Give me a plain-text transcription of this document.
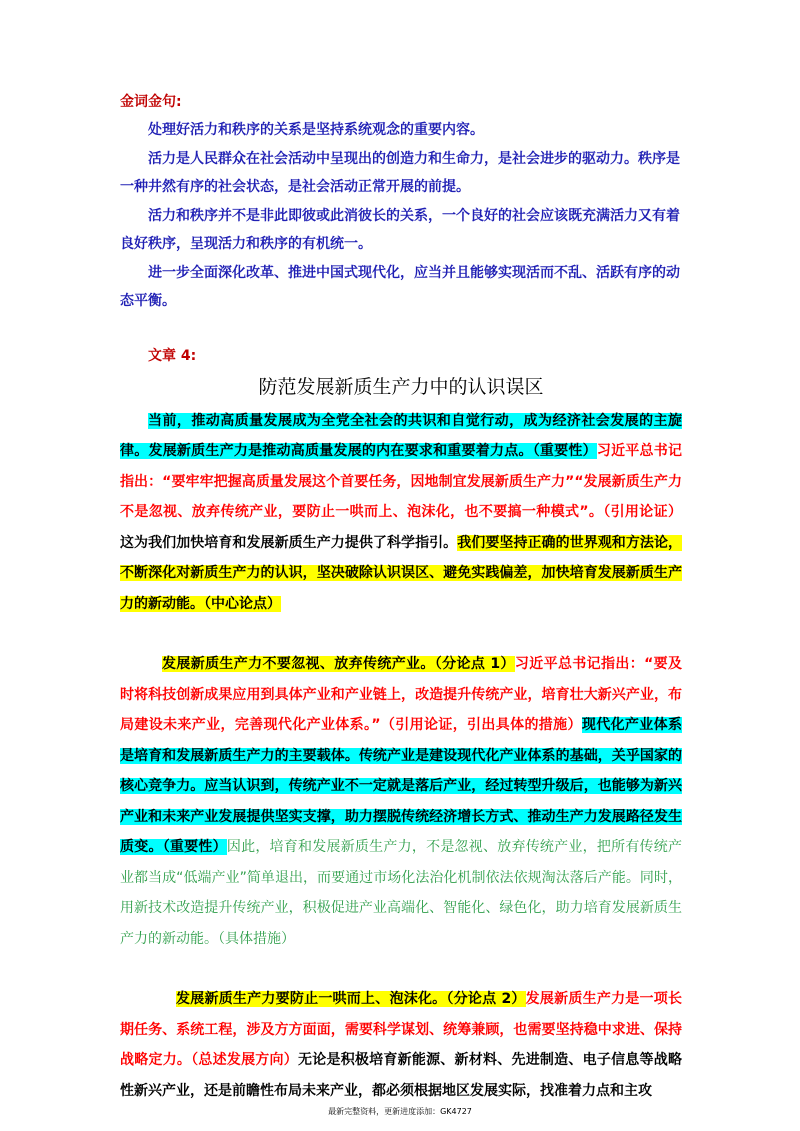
金词金句:

处理好活力和秩序的关系是坚持系统观念的重要内容。

活力是人民群众在社会活动中呈现出的创造力和生命力，是社会进步的驱动力。秩序是一种井然有序的社会状态，是社会活动正常开展的前提。

活力和秩序并不是非此即彼或此消彼长的关系，一个良好的社会应该既充满活力又有着良好秩序，呈现活力和秩序的有机统一。

进一步全面深化改革、推进中国式现代化，应当并且能够实现活而不乱、活跃有序的动态平衡。

文章 4:
防范发展新质生产力中的认识误区

当前，推动高质量发展成为全党全社会的共识和自觉行动，成为经济社会发展的主旋律。发展新质生产力是推动高质量发展的内在要求和重要着力点。（重要性）习近平总书记指出：“要牢牢把握高质量发展这个首要任务，因地制宜发展新质生产力”“发展新质生产力不是忽视、放弃传统产业，要防止一哄而上、泡沫化，也不要搞一种模式”。（引用论证）这为我们加快培育和发展新质生产力提供了科学指引。我们要坚持正确的世界观和方法论，不断深化对新质生产力的认识，坚决破除认识误区、避免实践偏差，加快培育发展新质生产力的新动能。（中心论点）

发展新质生产力不要忽视、放弃传统产业。（分论点 1）习近平总书记指出：“要及时将科技创新成果应用到具体产业和产业链上，改造提升传统产业，培育壮大新兴产业，布局建设未来产业，完善现代化产业体系。”（引用论证，引出具体的措施）现代化产业体系是培育和发展新质生产力的主要载体。传统产业是建设现代化产业体系的基础，关乎国家的核心竞争力。应当认识到，传统产业不一定就是落后产业，经过转型升级后，也能够为新兴产业和未来产业发展提供坚实支撑，助力摆脱传统经济增长方式、推动生产力发展路径发生质变。（重要性）因此，培育和发展新质生产力，不是忽视、放弃传统产业，把所有传统产业都当成“低端产业”简单退出，而要通过市场化法治化机制依法依规淘汰落后产能。同时，用新技术改造提升传统产业，积极促进产业高端化、智能化、绿色化，助力培育发展新质生产力的新动能。（具体措施）

发展新质生产力要防止一哄而上、泡沫化。（分论点 2）发展新质生产力是一项长期任务、系统工程，涉及方方面面，需要科学谋划、统筹兼顾，也需要坚持稳中求进、保持战略定力。（总述发展方向）无论是积极培育新能源、新材料、先进制造、电子信息等战略性新兴产业，还是前瞻性布局未来产业，都必须根据地区发展实际，找准着力点和主攻

最新完整资料，更新进度添加：GK4727
